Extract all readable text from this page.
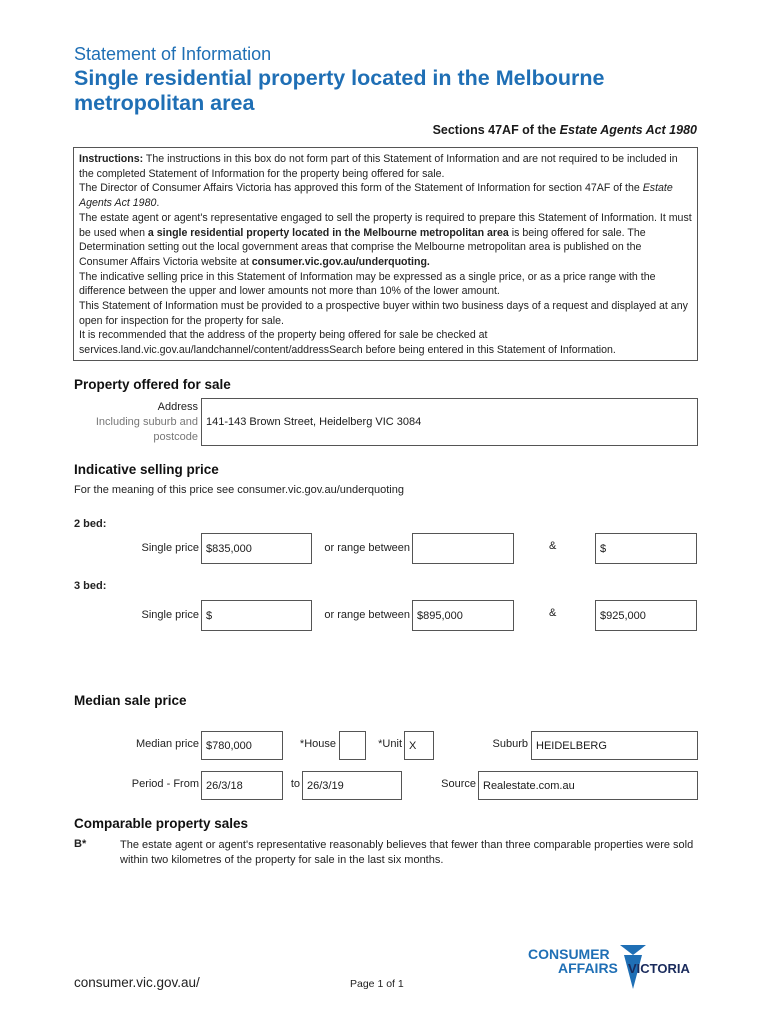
Statement of Information
Single residential property located in the Melbourne metropolitan area
Sections 47AF of the Estate Agents Act 1980

Instructions: The instructions in this box do not form part of this Statement of Information and are not required to be included in the completed Statement of Information for the property being offered for sale.

The Director of Consumer Affairs Victoria has approved this form of the Statement of Information for section 47AF of the Estate Agents Act 1980.

The estate agent or agent's representative engaged to sell the property is required to prepare this Statement of Information. It must be used when a single residential property located in the Melbourne metropolitan area is being offered for sale. The Determination setting out the local government areas that comprise the Melbourne metropolitan area is published on the Consumer Affairs Victoria website at consumer.vic.gov.au/underquoting.

The indicative selling price in this Statement of Information may be expressed as a single price, or as a price range with the difference between the upper and lower amounts not more than 10% of the lower amount.

This Statement of Information must be provided to a prospective buyer within two business days of a request and displayed at any open for inspection for the property for sale.

It is recommended that the address of the property being offered for sale be checked at services.land.vic.gov.au/landchannel/content/addressSearch before being entered in this Statement of Information.

Property offered for sale
Address
Including suburb and
postcode
141-143 Brown Street, Heidelberg VIC 3084
Indicative selling price
For the meaning of this price see consumer.vic.gov.au/underquoting
2 bed:
Single price $835,000	or range between	&	$
3 bed:
Single price $	or range between $895,000	&	$925,000
Median sale price
Median price $780,000	*House	*Unit X	Suburb HEIDELBERG
Period - From 26/3/18	to 26/3/19	Source Realestate.com.au
Comparable property sales
B*	The estate agent or agent's representative reasonably believes that fewer than three comparable properties were sold within two kilometres of the property for sale in the last six months.
CONSUMER
AFFAIRS VICTORIA
consumer.vic.gov.au/	Page 1 of 1
